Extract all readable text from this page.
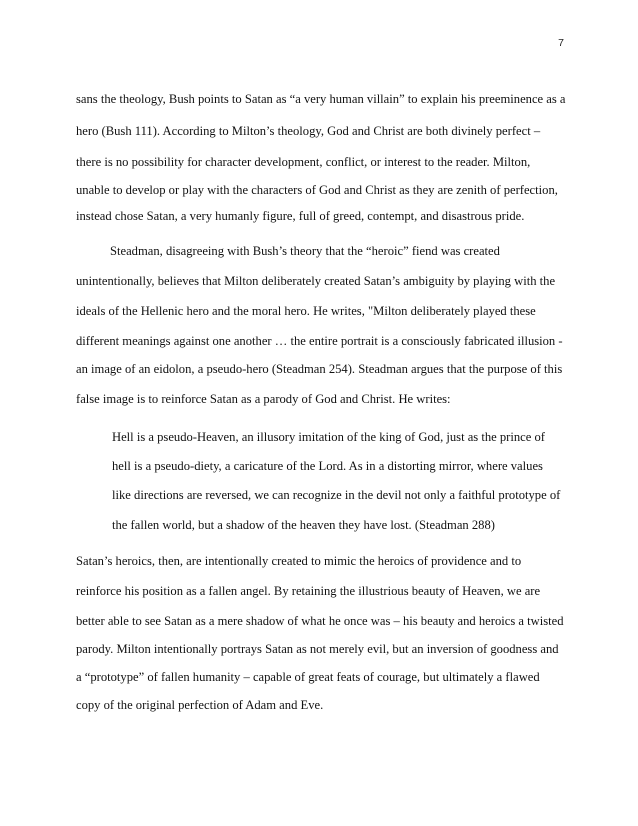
7
sans the theology, Bush points to Satan as “a very human villain” to explain his preeminence as a
hero (Bush 111). According to Milton’s theology, God and Christ are both divinely perfect –
there is no possibility for character development, conflict, or interest to the reader. Milton,
unable to develop or play with the characters of God and Christ as they are zenith of perfection,
instead chose Satan, a very humanly figure, full of greed, contempt, and disastrous pride.
Steadman, disagreeing with Bush’s theory that the “heroic” fiend was created
unintentionally, believes that Milton deliberately created Satan’s ambiguity by playing with the
ideals of the Hellenic hero and the moral hero. He writes, "Milton deliberately played these
different meanings against one another … the entire portrait is a consciously fabricated illusion -
an image of an eidolon, a pseudo-hero (Steadman 254). Steadman argues that the purpose of this
false image is to reinforce Satan as a parody of God and Christ. He writes:
Hell is a pseudo-Heaven, an illusory imitation of the king of God, just as the prince of
hell is a pseudo-diety, a caricature of the Lord. As in a distorting mirror, where values
like directions are reversed, we can recognize in the devil not only a faithful prototype of
the fallen world, but a shadow of the heaven they have lost. (Steadman 288)
Satan’s heroics, then, are intentionally created to mimic the heroics of providence and to
reinforce his position as a fallen angel. By retaining the illustrious beauty of Heaven, we are
better able to see Satan as a mere shadow of what he once was – his beauty and heroics a twisted
parody. Milton intentionally portrays Satan as not merely evil, but an inversion of goodness and
a “prototype” of fallen humanity – capable of great feats of courage, but ultimately a flawed
copy of the original perfection of Adam and Eve.
